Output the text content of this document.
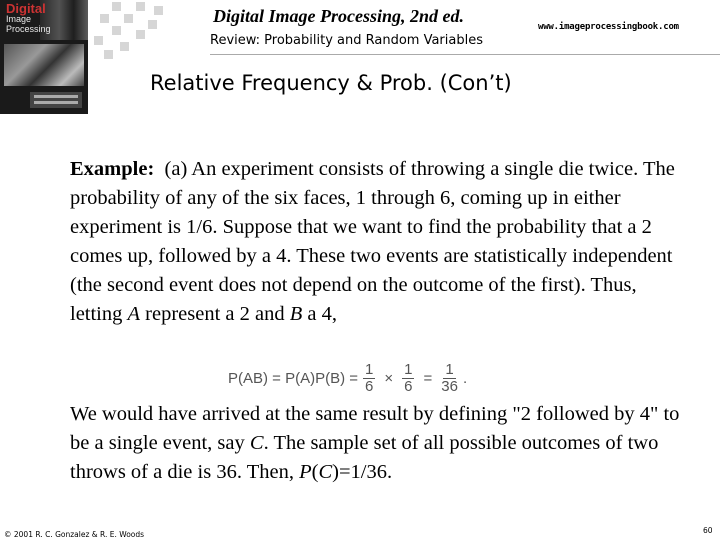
Digital
Image
Processing
Digital Image Processing, 2nd ed.
www.imageprocessingbook.com
Review: Probability and Random Variables
Relative Frequency & Prob. (Con’t)
Example: (a) An experiment consists of throwing a single die twice. The probability of any of the six faces, 1 through 6, coming up in either experiment is 1/6. Suppose that we want to find the probability that a 2 comes up, followed by a 4. These two events are statistically independent (the second event does not depend on the outcome of the first). Thus, letting A represent a 2 and B a 4,
$P(AB) = P(A)P(B) = \frac{1}{6} \times \frac{1}{6} = \frac{1}{36}$ .
We would have arrived at the same result by defining "2 followed by 4" to be a single event, say C. The sample set of all possible outcomes of two throws of a die is 36. Then, P(C)=1/36.
© 2001 R. C. Gonzalez & R. E. Woods	60
